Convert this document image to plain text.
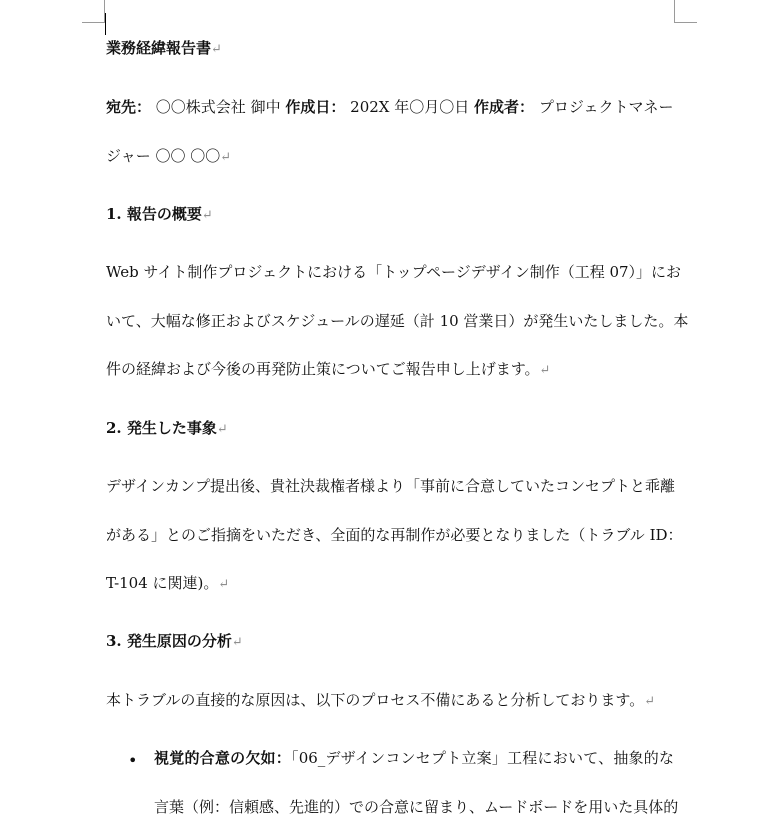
業務経緯報告書↵

宛先： 〇〇株式会社 御中 作成日： 202X 年〇月〇日 作成者： プロジェクトマネー
ジャー 〇〇 〇〇↵
1. 報告の概要↵
Web サイト制作プロジェクトにおける「トップページデザイン制作（工程 07）」にお
いて、大幅な修正およびスケジュールの遅延（計 10 営業日）が発生いたしました。本
件の経緯および今後の再発防止策についてご報告申し上げます。↵
2. 発生した事象↵
デザインカンプ提出後、貴社決裁権者様より「事前に合意していたコンセプトと乖離
がある」とのご指摘をいただき、全面的な再制作が必要となりました（トラブル ID：
T-104 に関連)。↵
3. 発生原因の分析↵
本トラブルの直接的な原因は、以下のプロセス不備にあると分析しております。↵
• 視覚的合意の欠如：「06_デザインコンセプト立案」工程において、抽象的な
言葉（例：信頼感、先進的）での合意に留まり、ムードボードを用いた具体的
